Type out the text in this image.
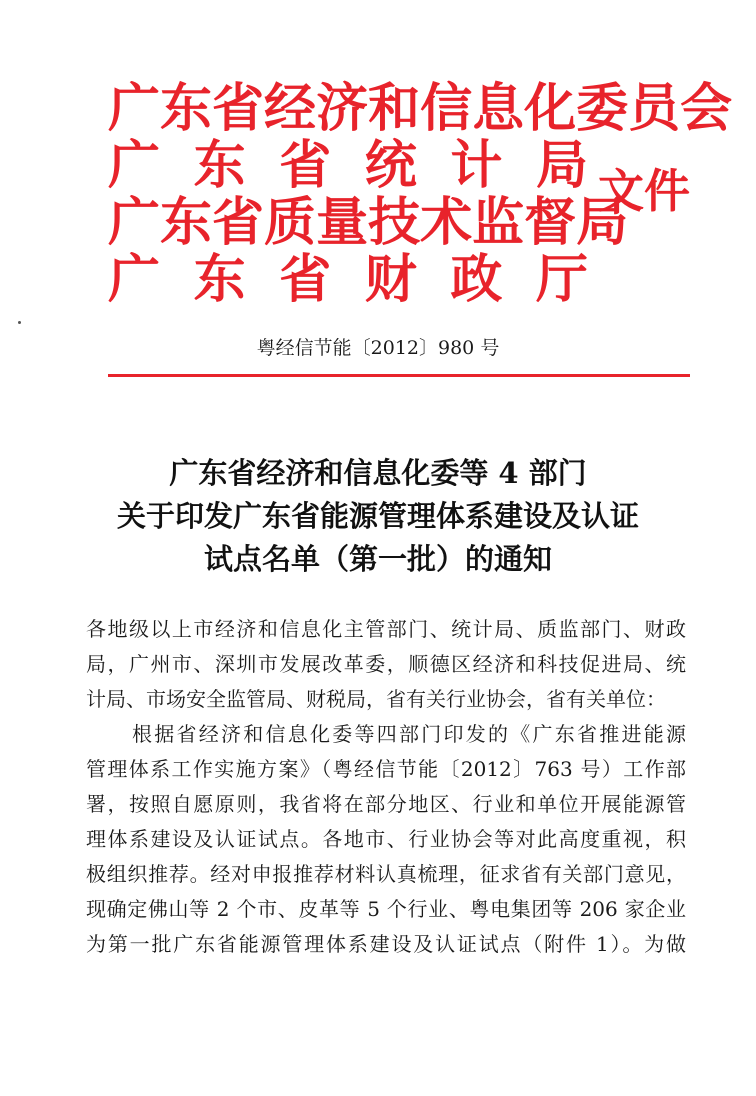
广 东 省 经 济 和 信 息 化 委 员 会
广 东 省 统 计 局
广 东 省 质 量 技 术 监 督 局
广 东 省 财 政 厅
文件
粤经信节能〔2012〕980 号
广东省经济和信息化委等 4 部门
关于印发广东省能源管理体系建设及认证
试点名单（第一批）的通知

各地级以上市经济和信息化主管部门、统计局、质监部门、财政

局，广州市、深圳市发展改革委，顺德区经济和科技促进局、统

计局、市场安全监管局、财税局，省有关行业协会，省有关单位：

根据省经济和信息化委等四部门印发的《广东省推进能源

管理体系工作实施方案》（粤经信节能〔2012〕763 号）工作部

署，按照自愿原则，我省将在部分地区、行业和单位开展能源管

理体系建设及认证试点。各地市、行业协会等对此高度重视，积

极组织推荐。经对申报推荐材料认真梳理，征求省有关部门意见，

现确定佛山等 2 个市、皮革等 5 个行业、粤电集团等 206 家企业

为第一批广东省能源管理体系建设及认证试点（附件 1）。为做
